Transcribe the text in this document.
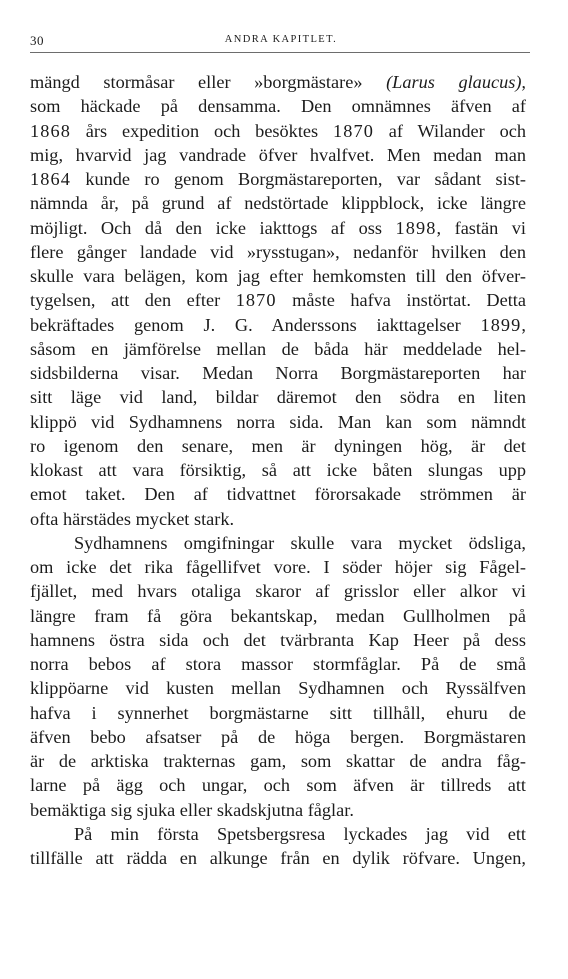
30	ANDRA KAPITLET.
mängd stormåsar eller »borgmästare» (Larus glaucus),
som häckade på densamma. Den omnämnes äfven af
1868 års expedition och besöktes 1870 af Wilander och
mig, hvarvid jag vandrade öfver hvalfvet. Men medan man
1864 kunde ro genom Borgmästareporten, var sådant sist-
nämnda år, på grund af nedstörtade klippblock, icke längre
möjligt. Och då den icke iakttogs af oss 1898, fastän vi
flere gånger landade vid »rysstugan», nedanför hvilken den
skulle vara belägen, kom jag efter hemkomsten till den öfver-
tygelsen, att den efter 1870 måste hafva instörtat. Detta
bekräftades genom J. G. Anderssons iakttagelser 1899,
såsom en jämförelse mellan de båda här meddelade hel-
sidsbilderna visar. Medan Norra Borgmästareporten har
sitt läge vid land, bildar däremot den södra en liten
klippö vid Sydhamnens norra sida. Man kan som nämndt
ro igenom den senare, men är dyningen hög, är det
klokast att vara försiktig, så att icke båten slungas upp
emot taket. Den af tidvattnet förorsakade strömmen är
ofta härstädes mycket stark.
Sydhamnens omgifningar skulle vara mycket ödsliga,
om icke det rika fågellifvet vore. I söder höjer sig Fågel-
fjället, med hvars otaliga skaror af grisslor eller alkor vi
längre fram få göra bekantskap, medan Gullholmen på
hamnens östra sida och det tvärbranta Kap Heer på dess
norra bebos af stora massor stormfåglar. På de små
klippöarne vid kusten mellan Sydhamnen och Ryssälfven
hafva i synnerhet borgmästarne sitt tillhåll, ehuru de
äfven bebo afsatser på de höga bergen. Borgmästaren
är de arktiska trakternas gam, som skattar de andra fåg-
larne på ägg och ungar, och som äfven är tillreds att
bemäktiga sig sjuka eller skadskjutna fåglar.
På min första Spetsbergsresa lyckades jag vid ett
tillfälle att rädda en alkunge från en dylik röfvare. Ungen,
